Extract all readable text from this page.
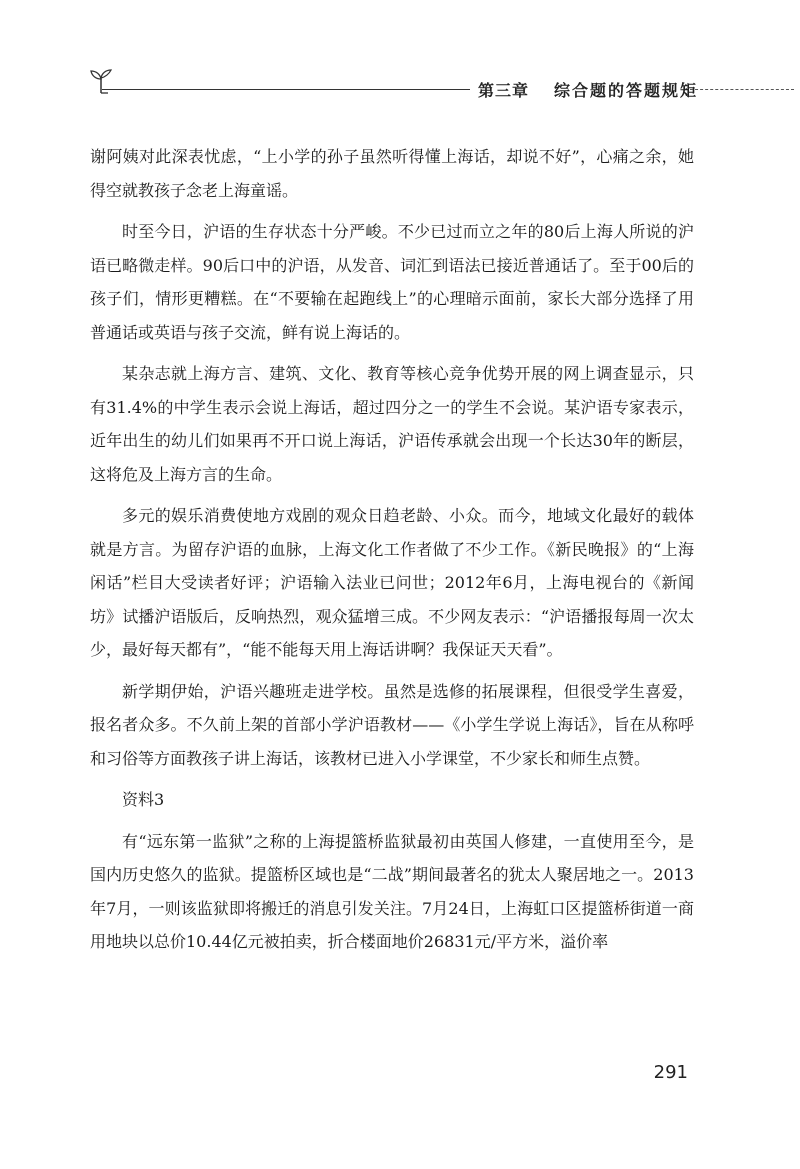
第三章 综合题的答题规矩

谢阿姨对此深表忧虑，“上小学的孙子虽然听得懂上海话，却说不好”，心痛之余，她得空就教孩子念老上海童谣。

时至今日，沪语的生存状态十分严峻。不少已过而立之年的80后上海人所说的沪语已略微走样。90后口中的沪语，从发音、词汇到语法已接近普通话了。至于00后的孩子们，情形更糟糕。在“不要输在起跑线上”的心理暗示面前，家长大部分选择了用普通话或英语与孩子交流，鲜有说上海话的。

某杂志就上海方言、建筑、文化、教育等核心竞争优势开展的网上调查显示，只有31.4%的中学生表示会说上海话，超过四分之一的学生不会说。某沪语专家表示，近年出生的幼儿们如果再不开口说上海话，沪语传承就会出现一个长达30年的断层，这将危及上海方言的生命。

多元的娱乐消费使地方戏剧的观众日趋老龄、小众。而今，地域文化最好的载体就是方言。为留存沪语的血脉，上海文化工作者做了不少工作。《新民晚报》的“上海闲话”栏目大受读者好评；沪语输入法业已问世；2012年6月，上海电视台的《新闻坊》试播沪语版后，反响热烈，观众猛增三成。不少网友表示：“沪语播报每周一次太少，最好每天都有”，“能不能每天用上海话讲啊？我保证天天看”。

新学期伊始，沪语兴趣班走进学校。虽然是选修的拓展课程，但很受学生喜爱，报名者众多。不久前上架的首部小学沪语教材——《小学生学说上海话》，旨在从称呼和习俗等方面教孩子讲上海话，该教材已进入小学课堂，不少家长和师生点赞。

资料3

有“远东第一监狱”之称的上海提篮桥监狱最初由英国人修建，一直使用至今，是国内历史悠久的监狱。提篮桥区域也是“二战”期间最著名的犹太人聚居地之一。2013年7月，一则该监狱即将搬迁的消息引发关注。7月24日，上海虹口区提篮桥街道一商用地块以总价10.44亿元被拍卖，折合楼面地价26831元/平方米，溢价率

291
